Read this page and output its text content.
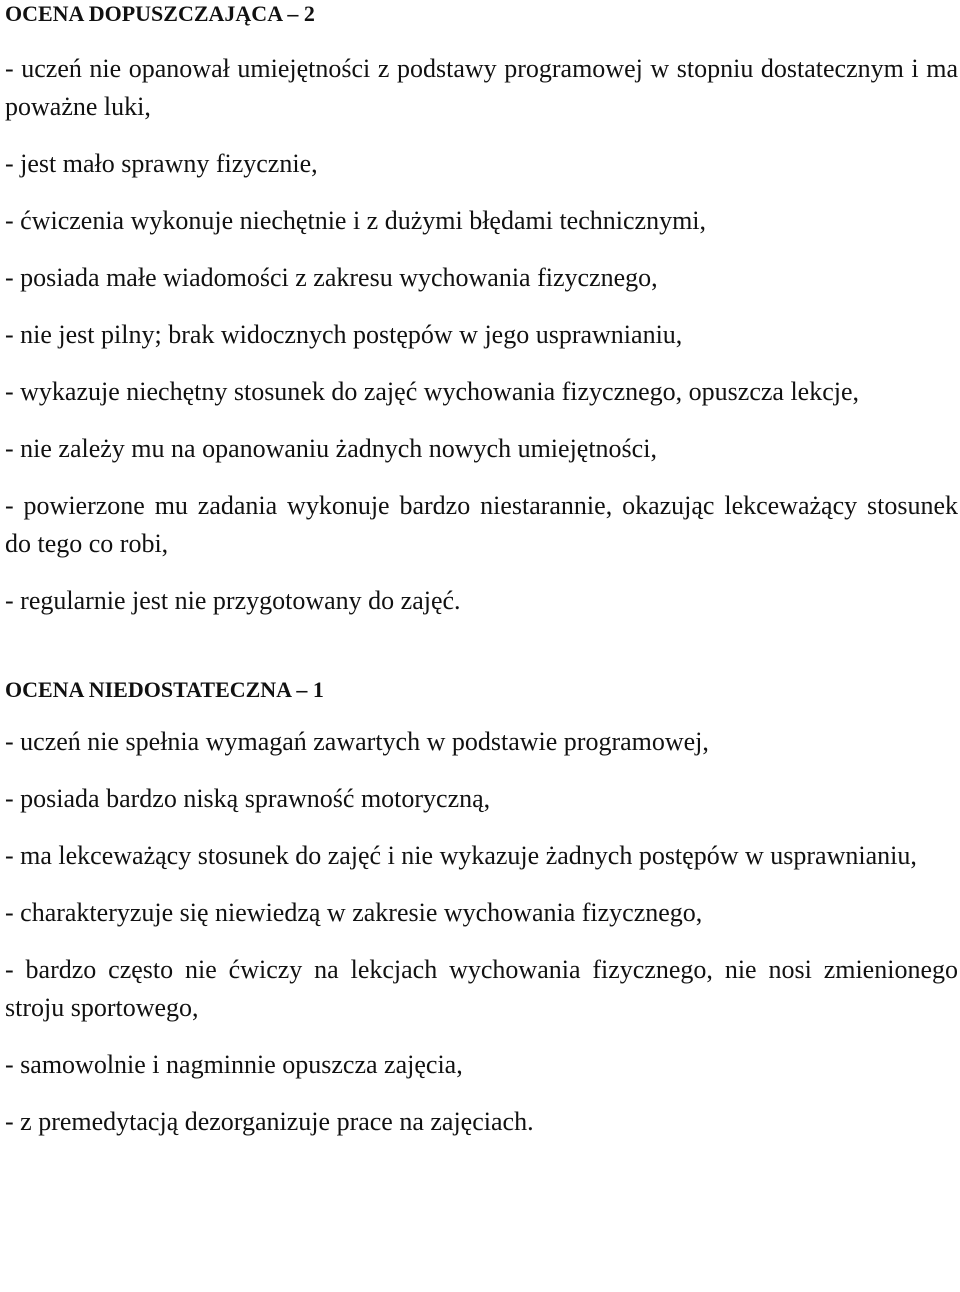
OCENA DOPUSZCZAJĄCA – 2
- uczeń nie opanował umiejętności z podstawy programowej w stopniu dostatecznym i ma poważne luki,
- jest mało sprawny fizycznie,
- ćwiczenia wykonuje niechętnie i z dużymi błędami technicznymi,
- posiada małe wiadomości z zakresu wychowania fizycznego,
- nie jest pilny; brak widocznych postępów w jego usprawnianiu,
- wykazuje niechętny stosunek do zajęć wychowania fizycznego, opuszcza lekcje,
- nie zależy mu na opanowaniu żadnych nowych umiejętności,
- powierzone mu zadania wykonuje bardzo niestarannie, okazując lekceważący stosunek do tego co robi,
- regularnie jest nie przygotowany do zajęć.
OCENA NIEDOSTATECZNA – 1
- uczeń nie spełnia wymagań zawartych w podstawie programowej,
- posiada bardzo niską sprawność motoryczną,
- ma lekceważący stosunek do zajęć i nie wykazuje żadnych postępów w usprawnianiu,
- charakteryzuje się niewiedzą w zakresie wychowania fizycznego,
- bardzo często nie ćwiczy na lekcjach wychowania fizycznego, nie nosi zmienionego stroju sportowego,
- samowolnie i nagminnie opuszcza zajęcia,
- z premedytacją dezorganizuje prace na zajęciach.
